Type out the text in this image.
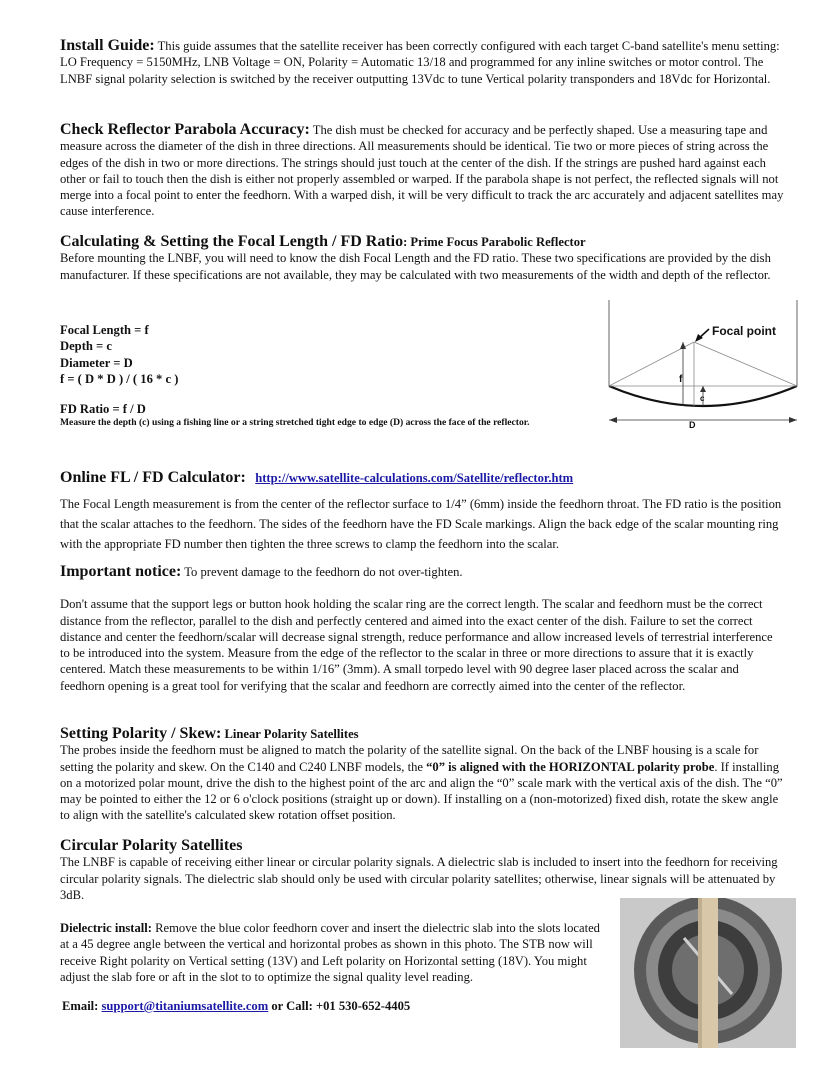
Install Guide: This guide assumes that the satellite receiver has been correctly configured with each target C-band satellite's menu setting: LO Frequency = 5150MHz, LNB Voltage = ON, Polarity = Automatic 13/18 and programmed for any inline switches or motor control. The LNBF signal polarity selection is switched by the receiver outputting 13Vdc to tune Vertical polarity transponders and 18Vdc for Horizontal.

Check Reflector Parabola Accuracy: The dish must be checked for accuracy and be perfectly shaped. Use a measuring tape and measure across the diameter of the dish in three directions. All measurements should be identical. Tie two or more pieces of string across the edges of the dish in two or more directions. The strings should just touch at the center of the dish. If the strings are pushed hard against each other or fail to touch then the dish is either not properly assembled or warped. If the parabola shape is not perfect, the reflected signals will not merge into a focal point to enter the feedhorn. With a warped dish, it will be very difficult to track the arc accurately and adjacent satellites may cause interference.

Calculating & Setting the Focal Length / FD Ratio: Prime Focus Parabolic Reflector

Before mounting the LNBF, you will need to know the dish Focal Length and the FD ratio. These two specifications are provided by the dish manufacturer. If these specifications are not available, they may be calculated with two measurements of the width and depth of the reflector.

Focal Length = f

Depth = c

Diameter = D

f = ( D * D ) / ( 16 * c )

FD Ratio = f / D

Measure the depth (c) using a fishing line or a string stretched tight edge to edge (D) across the face of the reflector.

Online FL / FD Calculator: http://www.satellite-calculations.com/Satellite/reflector.htm

The Focal Length measurement is from the center of the reflector surface to 1/4” (6mm) inside the feedhorn throat. The FD ratio is the position that the scalar attaches to the feedhorn. The sides of the feedhorn have the FD Scale markings. Align the back edge of the scalar mounting ring with the appropriate FD number then tighten the three screws to clamp the feedhorn into the scalar.

Important notice: To prevent damage to the feedhorn do not over-tighten.

Don't assume that the support legs or button hook holding the scalar ring are the correct length. The scalar and feedhorn must be the correct distance from the reflector, parallel to the dish and perfectly centered and aimed into the exact center of the dish. Failure to set the correct distance and center the feedhorn/scalar will decrease signal strength, reduce performance and allow increased levels of terrestrial interference to be introduced into the system. Measure from the edge of the reflector to the scalar in three or more directions to assure that it is exactly centered. Match these measurements to be within 1/16” (3mm). A small torpedo level with 90 degree laser placed across the scalar and feedhorn opening is a great tool for verifying that the scalar and feedhorn are correctly aimed into the center of the reflector.

Setting Polarity / Skew: Linear Polarity Satellites

The probes inside the feedhorn must be aligned to match the polarity of the satellite signal. On the back of the LNBF housing is a scale for setting the polarity and skew. On the C140 and C240 LNBF models, the “0” is aligned with the HORIZONTAL polarity probe. If installing on a motorized polar mount, drive the dish to the highest point of the arc and align the “0” scale mark with the vertical axis of the dish. The “0” may be pointed to either the 12 or 6 o'clock positions (straight up or down). If installing on a (non-motorized) fixed dish, rotate the skew angle to align with the satellite's calculated skew rotation offset position.

Circular Polarity Satellites

The LNBF is capable of receiving either linear or circular polarity signals. A dielectric slab is included to insert into the feedhorn for receiving circular polarity signals. The dielectric slab should only be used with circular polarity satellites; otherwise, linear signals will be attenuated by 3dB.

Dielectric install: Remove the blue color feedhorn cover and insert the dielectric slab into the slots located at a 45 degree angle between the vertical and horizontal probes as shown in this photo. The STB now will receive Right polarity on Vertical setting (13V) and Left polarity on Horizontal setting (18V). You might adjust the slab fore or aft in the slot to to optimize the signal quality level reading.

Email: support@titaniumsatellite.com or Call: +01 530-652-4405

Focal point
f
c
D
